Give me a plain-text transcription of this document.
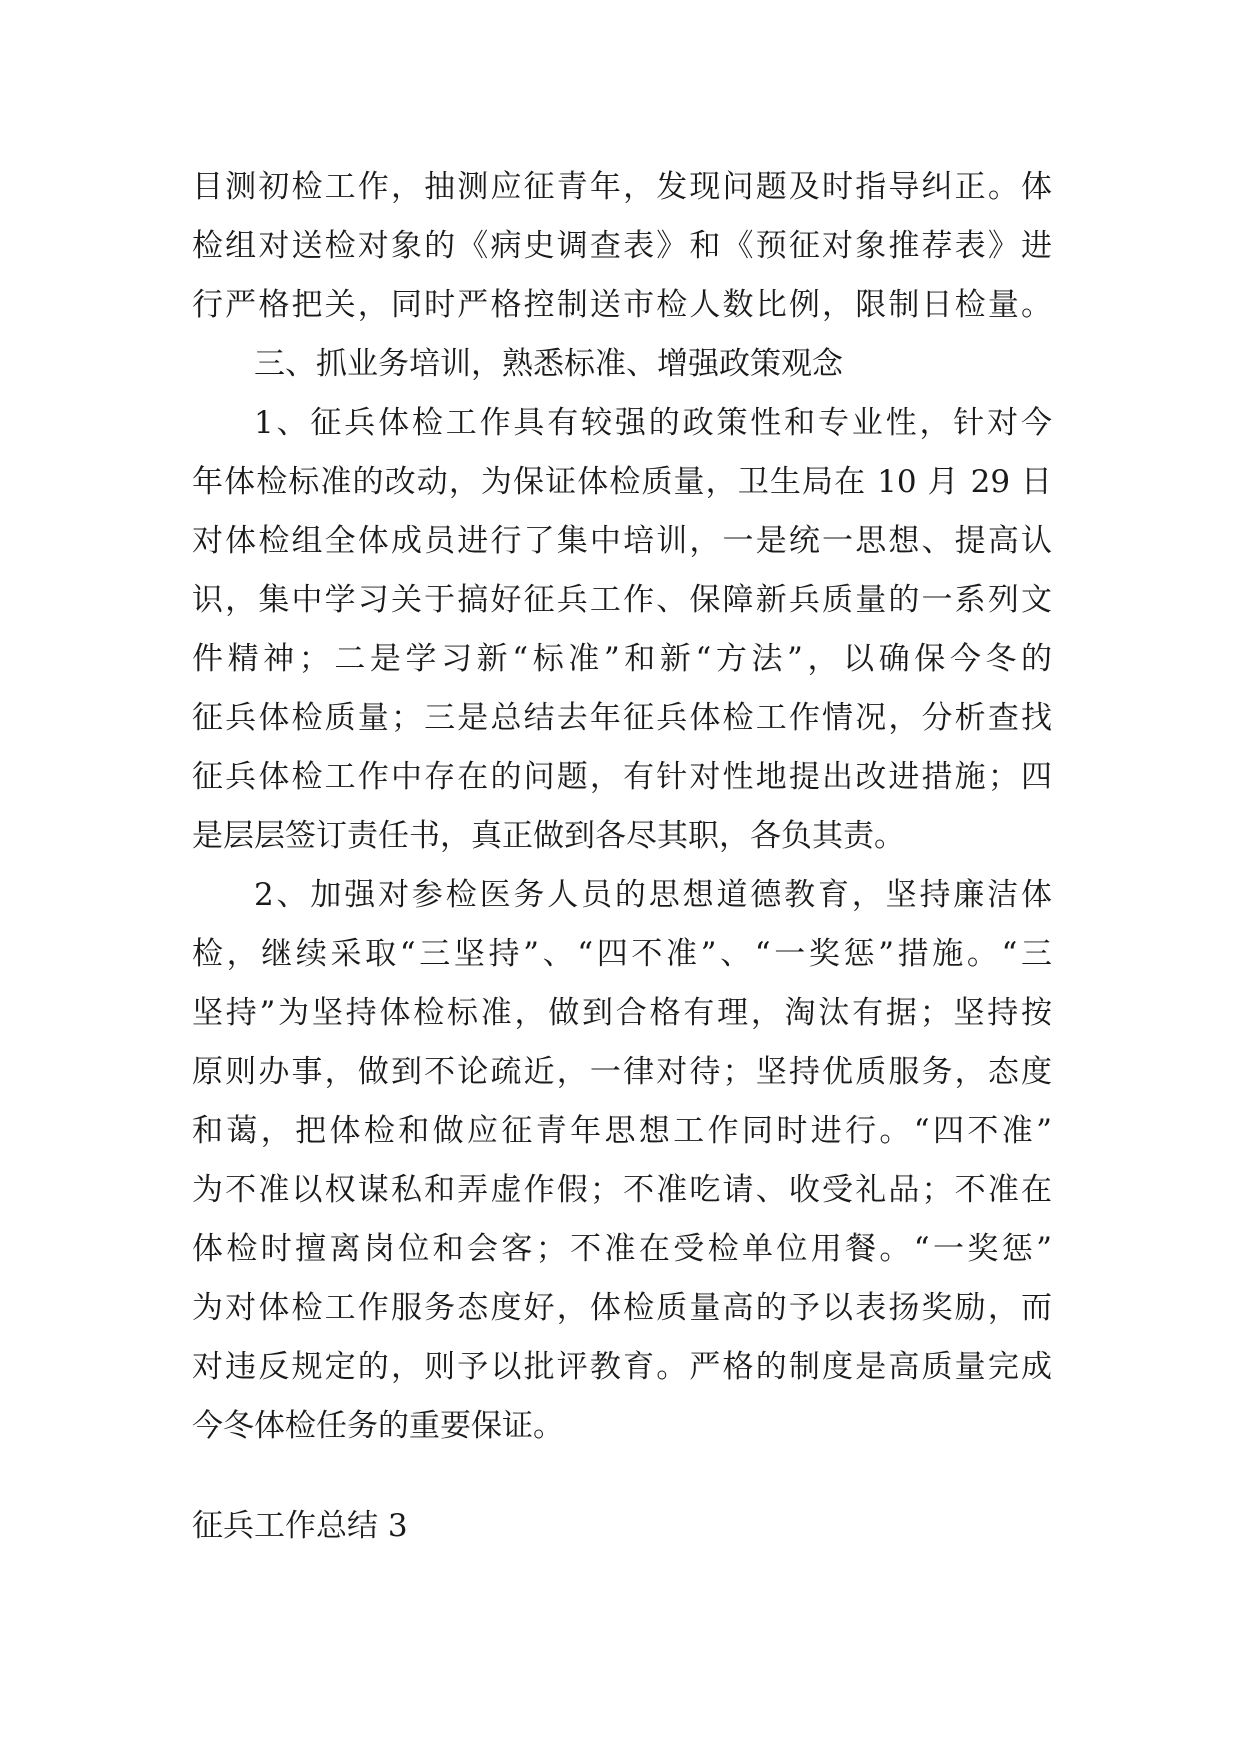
目测初检工作，抽测应征青年，发现问题及时指导纠正。体
检组对送检对象的《病史调查表》和《预征对象推荐表》进
行严格把关，同时严格控制送市检人数比例，限制日检量。
三、抓业务培训，熟悉标准、增强政策观念
1、征兵体检工作具有较强的政策性和专业性，针对今
年体检标准的改动，为保证体检质量，卫生局在 10 月 29 日
对体检组全体成员进行了集中培训，一是统一思想、提高认
识，集中学习关于搞好征兵工作、保障新兵质量的一系列文
件精神；二是学习新“标准”和新“方法”，以确保今冬的
征兵体检质量；三是总结去年征兵体检工作情况，分析查找
征兵体检工作中存在的问题，有针对性地提出改进措施；四
是层层签订责任书，真正做到各尽其职，各负其责。
2、加强对参检医务人员的思想道德教育，坚持廉洁体
检，继续采取“三坚持”、“四不准”、“一奖惩”措施。“三
坚持”为坚持体检标准，做到合格有理，淘汰有据；坚持按
原则办事，做到不论疏近，一律对待；坚持优质服务，态度
和蔼，把体检和做应征青年思想工作同时进行。“四不准”
为不准以权谋私和弄虚作假；不准吃请、收受礼品；不准在
体检时擅离岗位和会客；不准在受检单位用餐。“一奖惩”
为对体检工作服务态度好，体检质量高的予以表扬奖励，而
对违反规定的，则予以批评教育。严格的制度是高质量完成
今冬体检任务的重要保证。
征兵工作总结 3
